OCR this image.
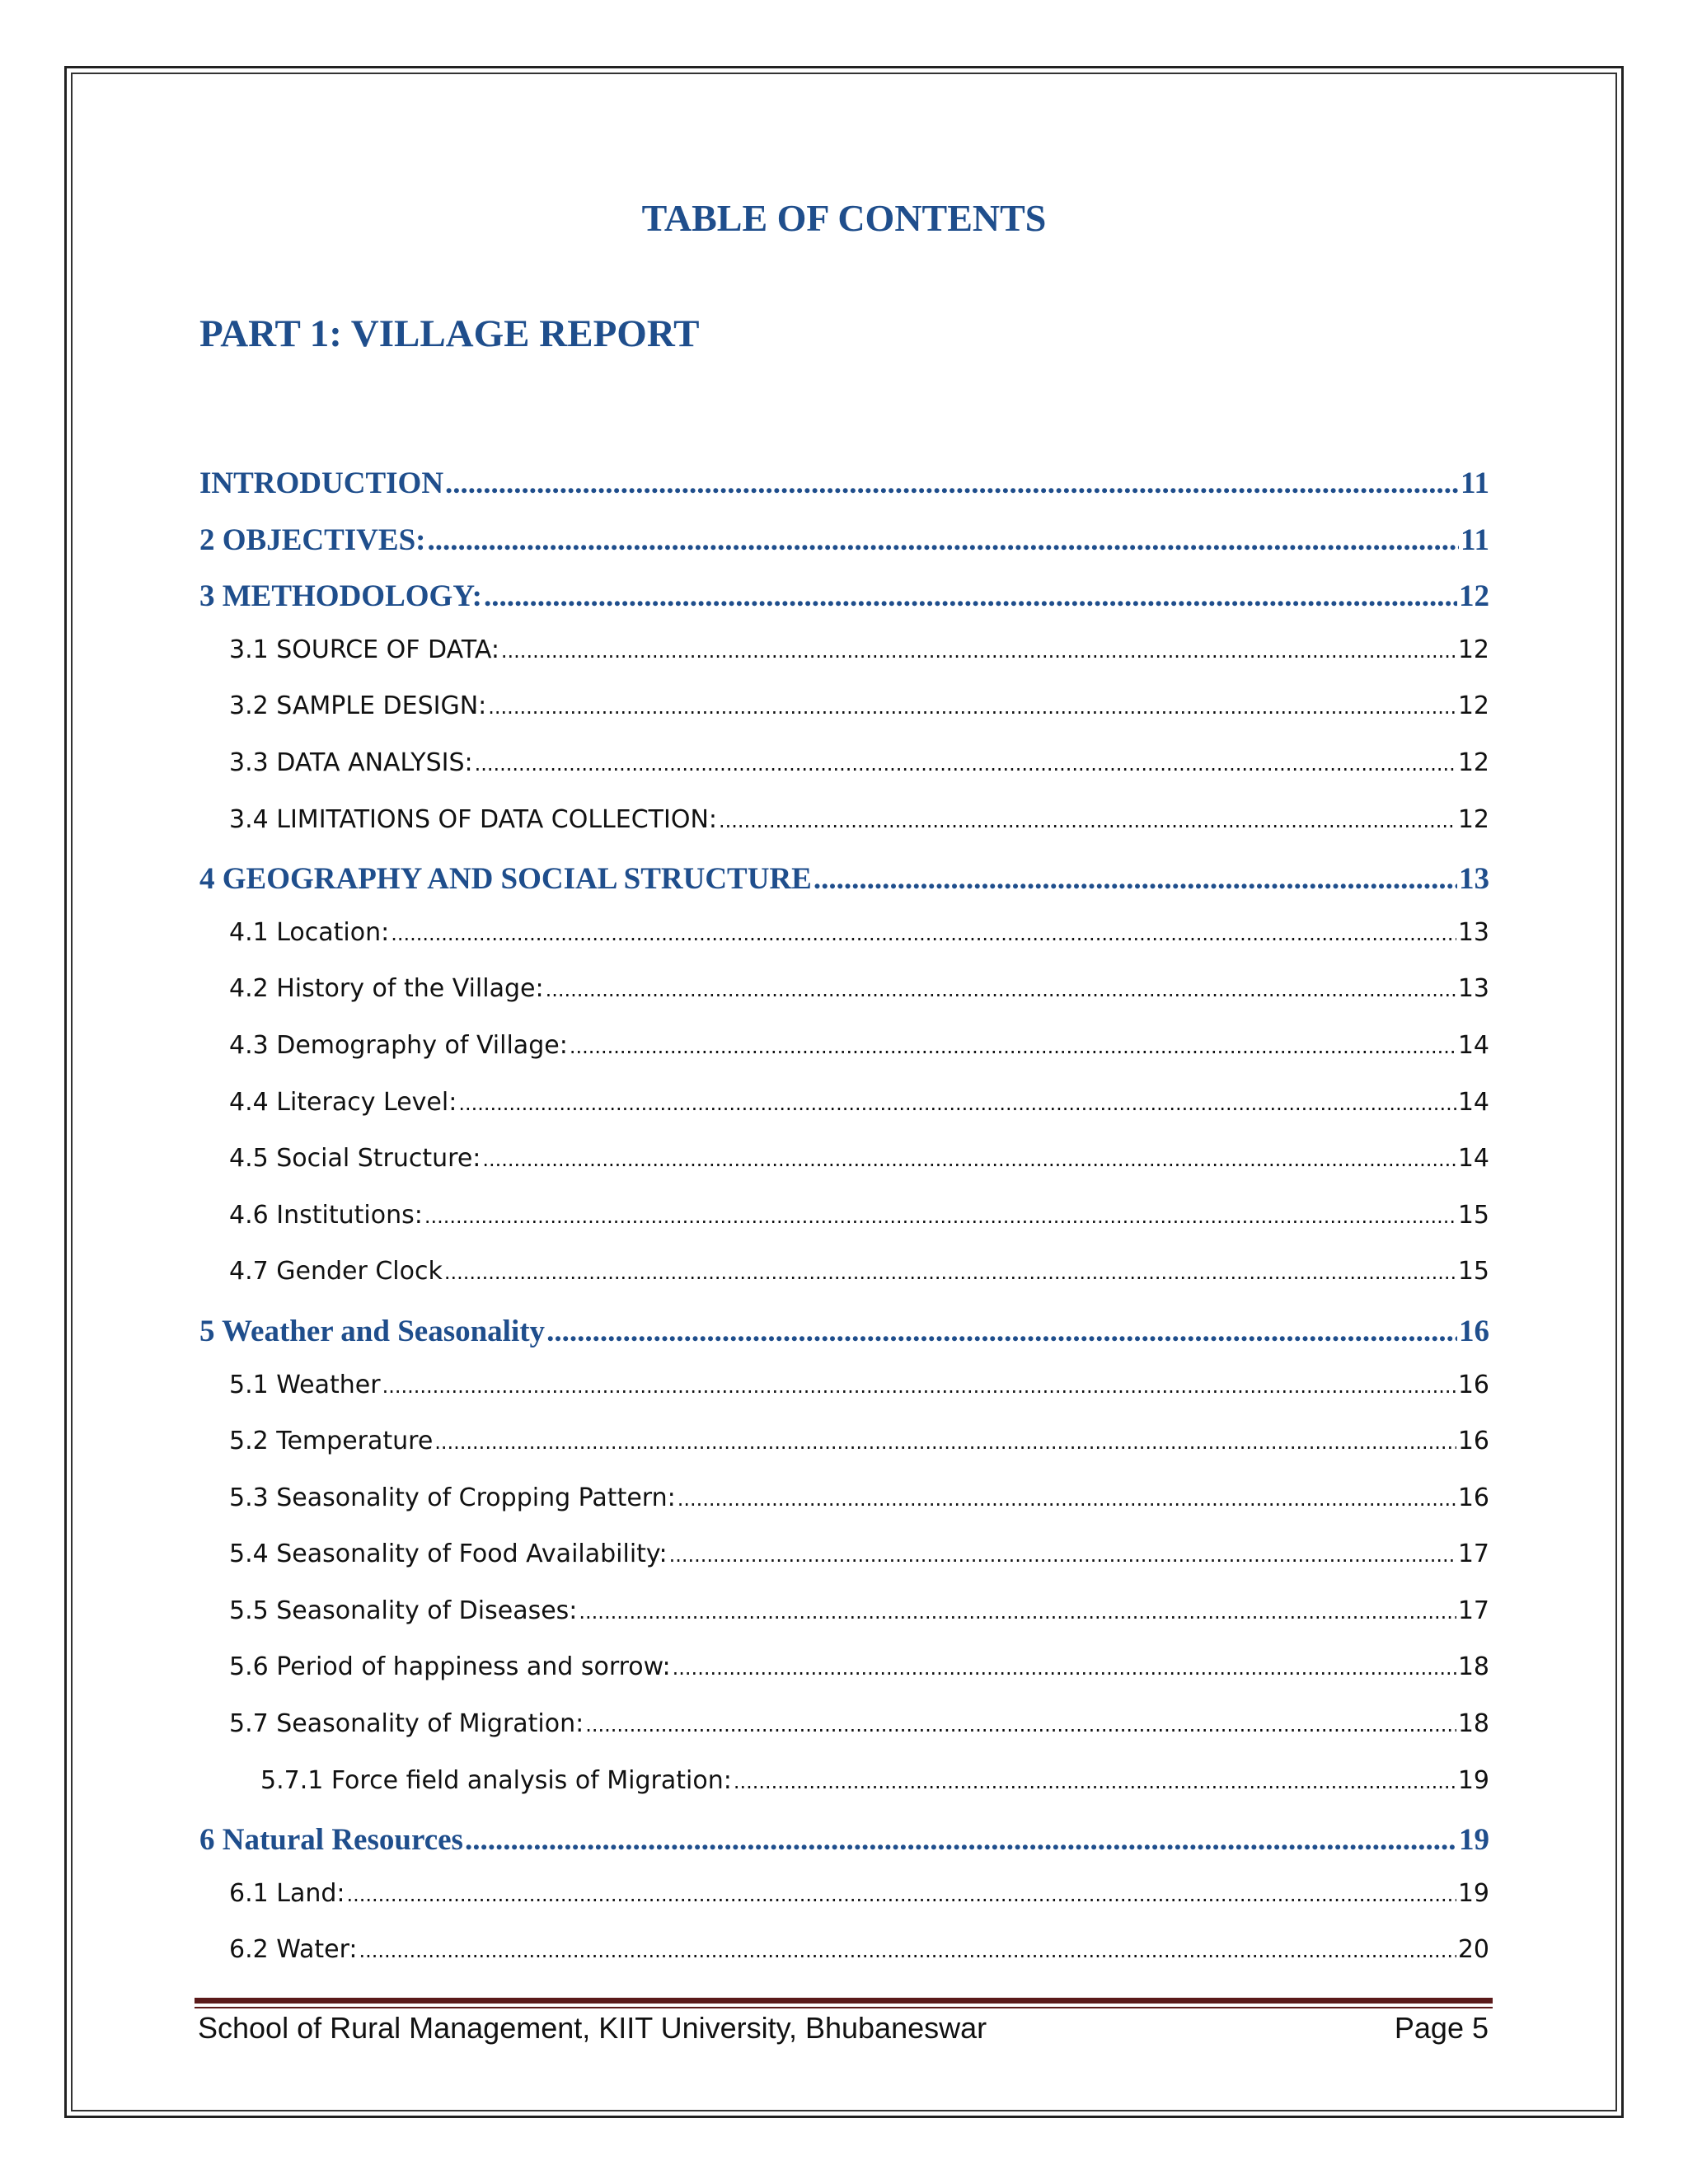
TABLE OF CONTENTS
PART 1: VILLAGE REPORT
INTRODUCTION .....	11
2 OBJECTIVES: .....	11
3 METHODOLOGY: .....	12
3.1 SOURCE OF DATA: .....	12
3.2 SAMPLE DESIGN: .....	12
3.3 DATA ANALYSIS: .....	12
3.4 LIMITATIONS OF DATA COLLECTION: .....	12
4 GEOGRAPHY AND SOCIAL STRUCTURE .....	13
4.1 Location: .....	13
4.2 History of the Village: .....	13
4.3 Demography of Village: .....	14
4.4 Literacy Level: .....	14
4.5 Social Structure: .....	14
4.6 Institutions: .....	15
4.7 Gender Clock .....	15
5 Weather and Seasonality .....	16
5.1 Weather .....	16
5.2 Temperature .....	16
5.3 Seasonality of Cropping Pattern: .....	16
5.4 Seasonality of Food Availability: .....	17
5.5 Seasonality of Diseases: .....	17
5.6 Period of happiness and sorrow: .....	18
5.7 Seasonality of Migration: .....	18
5.7.1 Force field analysis of Migration: .....	19
6 Natural Resources .....	19
6.1 Land: .....	19
6.2 Water: .....	20

School of Rural Management, KIIT University, Bhubaneswar	Page 5
